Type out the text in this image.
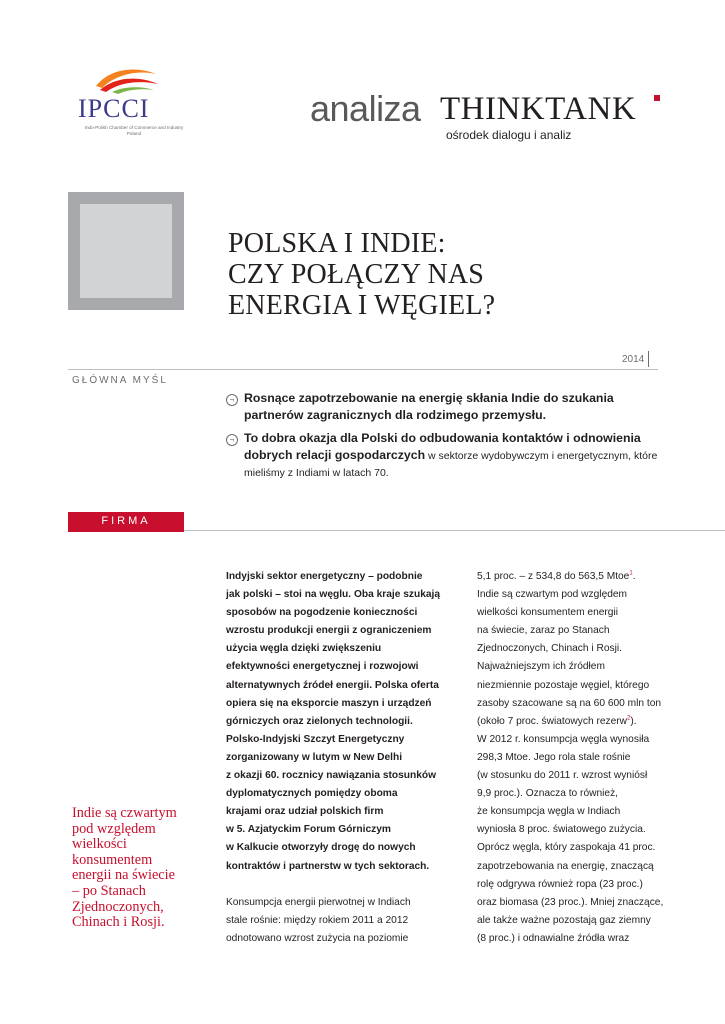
IPCCI
Indo-Polish Chamber of Commerce and Industry Poland
analiza THINKTANK
ośrodek dialogu i analiz
POLSKA I INDIE:
CZY POŁĄCZY NAS
ENERGIA I WĘGIEL?
2014
GŁÓWNA MYŚL
¬ Rosnące zapotrzebowanie na energię skłania Indie do szukania partnerów zagranicznych dla rodzimego przemysłu.
¬ To dobra okazja dla Polski do odbudowania kontaktów i odnowienia dobrych relacji gospodarczych w sektorze wydobywczym i energetycznym, które mieliśmy z Indiami w latach 70.
FIRMA
Indie są czwartym
pod względem
wielkości
konsumentem
energii na świecie
– po Stanach
Zjednoczonych,
Chinach i Rosji.
Indyjski sektor energetyczny – podobnie
jak polski – stoi na węglu. Oba kraje szukają
sposobów na pogodzenie konieczności
wzrostu produkcji energii z ograniczeniem
użycia węgla dzięki zwiększeniu
efektywności energetycznej i rozwojowi
alternatywnych źródeł energii. Polska oferta
opiera się na eksporcie maszyn i urządzeń
górniczych oraz zielonych technologii.
Polsko-Indyjski Szczyt Energetyczny
zorganizowany w lutym w New Delhi
z okazji 60. rocznicy nawiązania stosunków
dyplomatycznych pomiędzy oboma
krajami oraz udział polskich firm
w 5. Azjatyckim Forum Górniczym
w Kalkucie otworzyły drogę do nowych
kontraktów i partnerstw w tych sektorach.
Konsumpcja energii pierwotnej w Indiach
stale rośnie: między rokiem 2011 a 2012
odnotowano wzrost zużycia na poziomie
5,1 proc. – z 534,8 do 563,5 Mtoe$^1$.
Indie są czwartym pod względem
wielkości konsumentem energii
na świecie, zaraz po Stanach
Zjednoczonych, Chinach i Rosji.
Najważniejszym ich źródłem
niezmiennie pozostaje węgiel, którego
zasoby szacowane są na 60 600 mln ton
(około 7 proc. światowych rezerw$^2$).
W 2012 r. konsumpcja węgla wynosiła
298,3 Mtoe. Jego rola stale rośnie
(w stosunku do 2011 r. wzrost wyniósł
9,9 proc.). Oznacza to również,
że konsumpcja węgla w Indiach
wyniosła 8 proc. światowego zużycia.
Oprócz węgla, który zaspokaja 41 proc.
zapotrzebowania na energię, znaczącą
rolę odgrywa również ropa (23 proc.)
oraz biomasa (23 proc.). Mniej znaczące,
ale także ważne pozostają gaz ziemny
(8 proc.) i odnawialne źródła wraz
